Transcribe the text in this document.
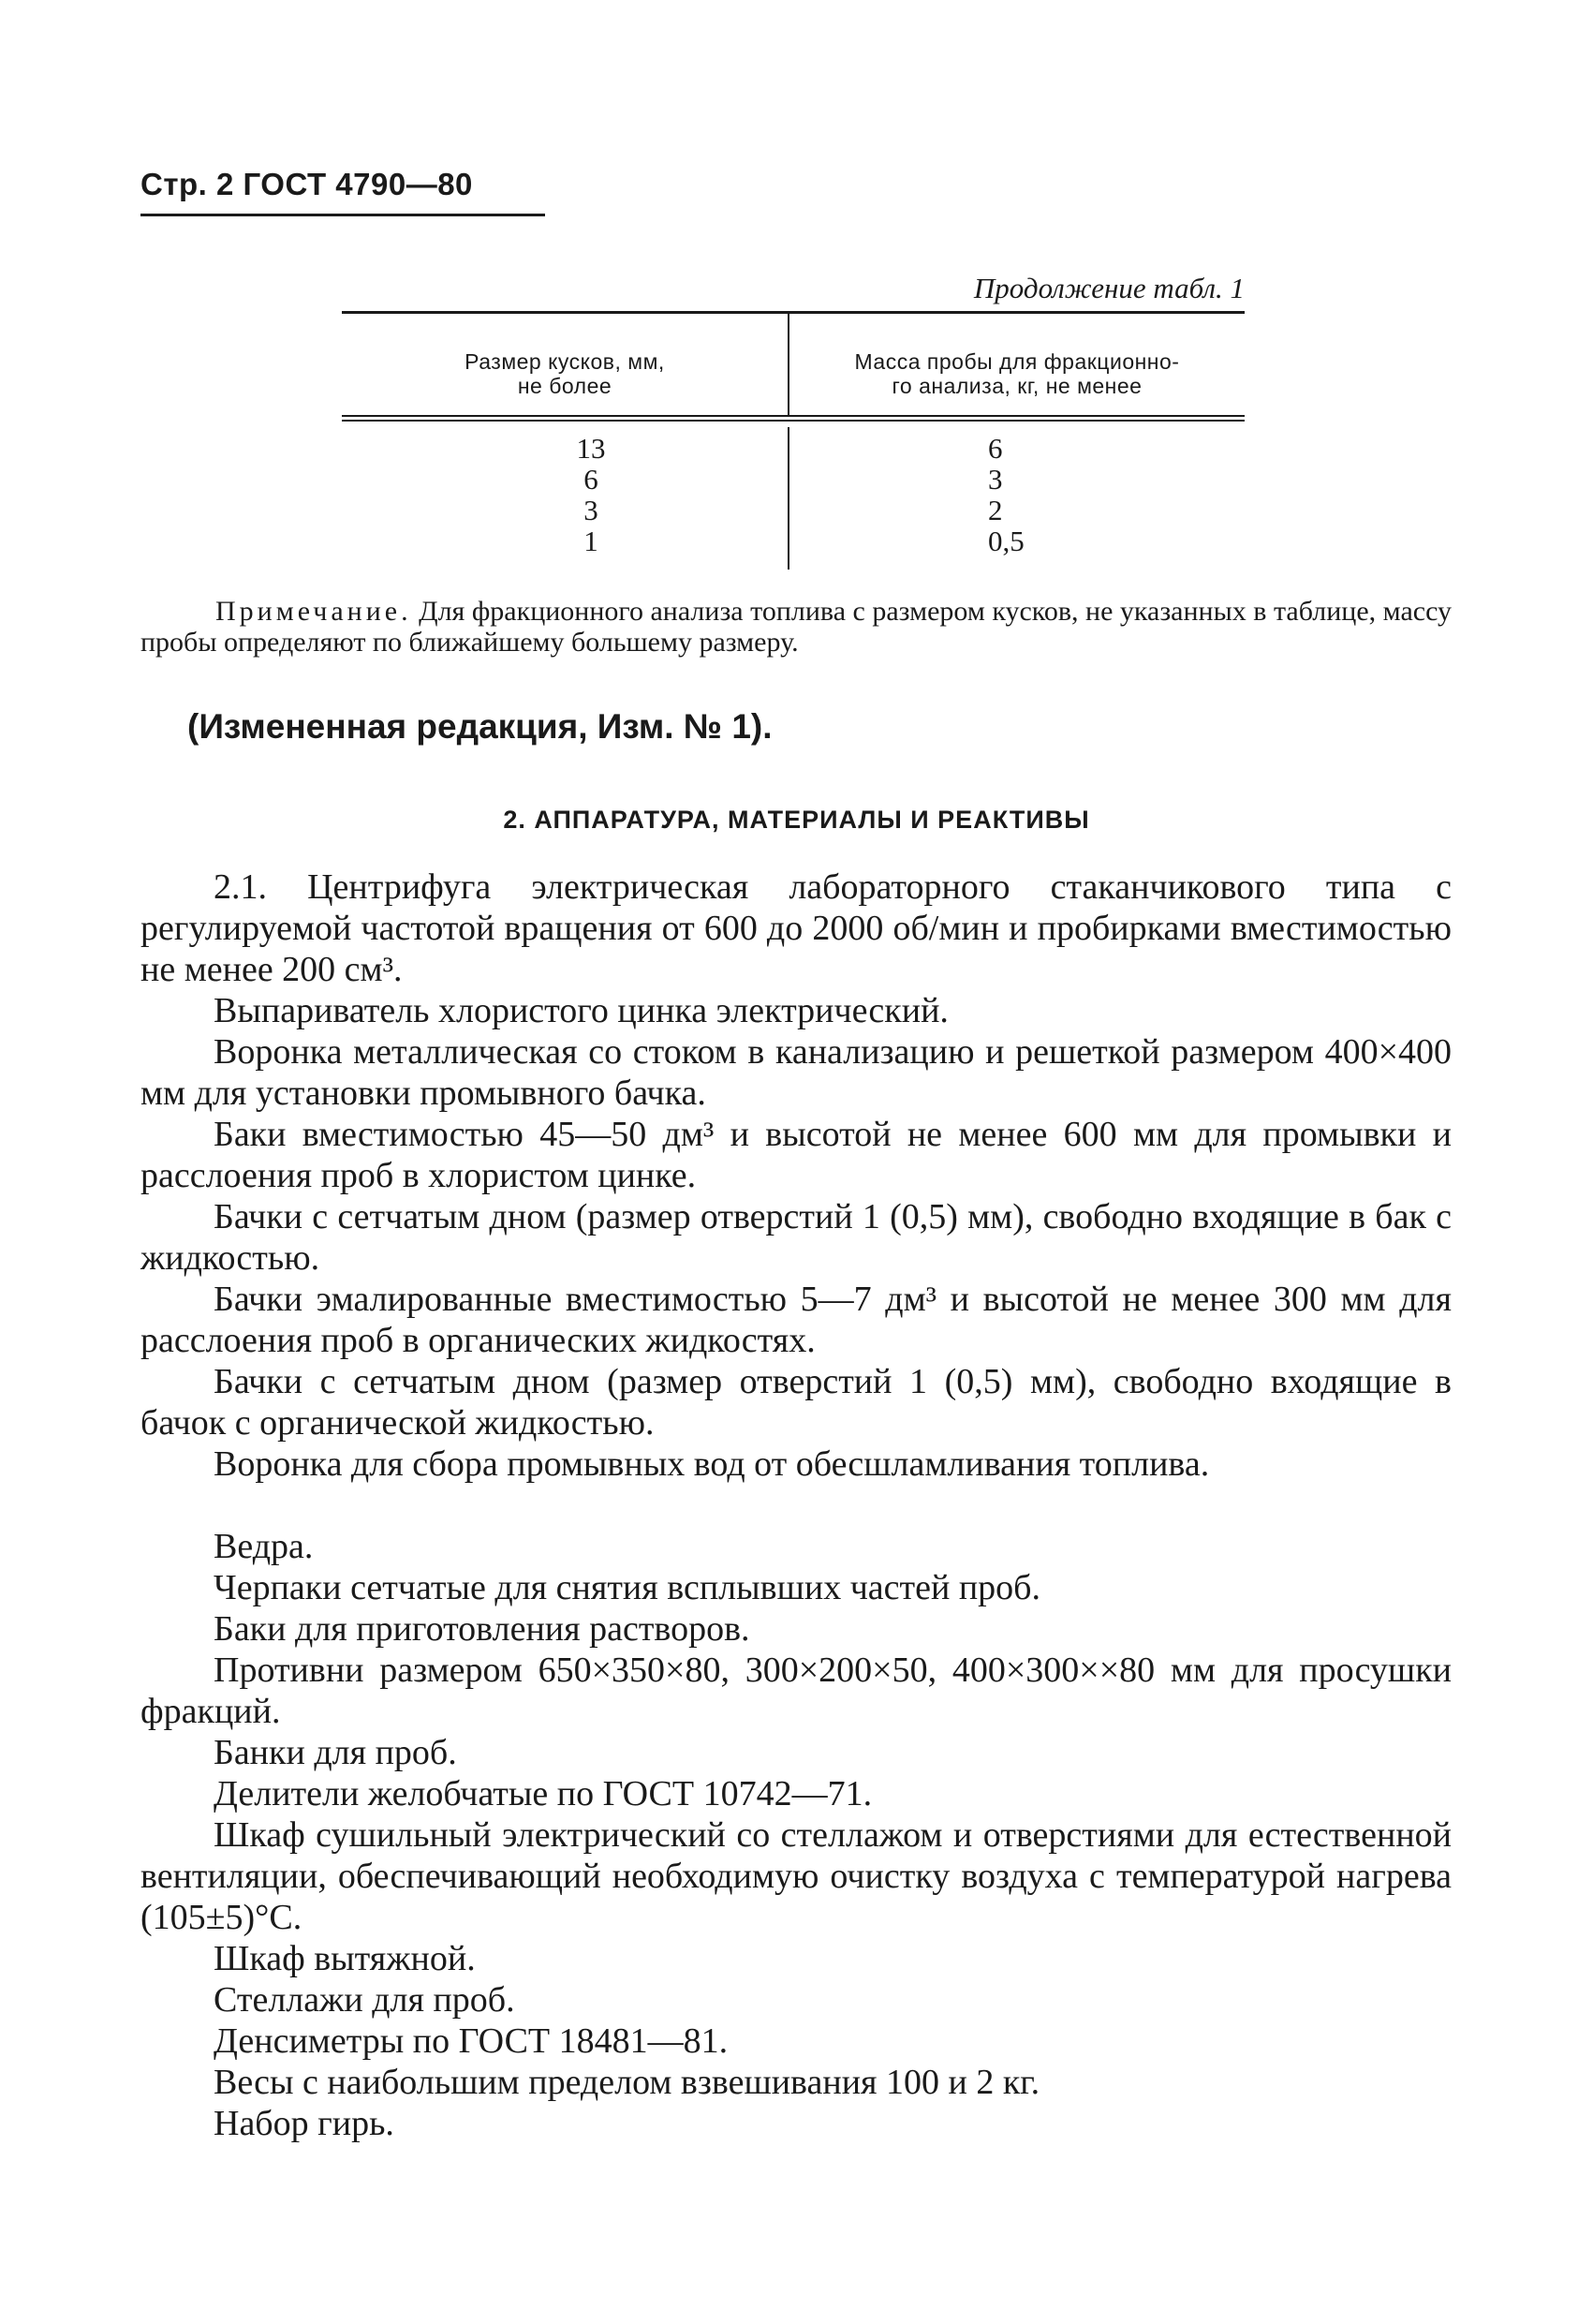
Стр. 2 ГОСТ 4790—80
Продолжение табл. 1
Размер кусков, мм,
не более
Масса пробы для фракционно-
го анализа, кг, не менее
13
6
3
1
6
3
2
0,5
Примечание. Для фракционного анализа топлива с размером кусков, не указанных в таблице, массу пробы определяют по ближайшему большему размеру.
(Измененная редакция, Изм. № 1).
2. АППАРАТУРА, МАТЕРИАЛЫ И РЕАКТИВЫ
2.1. Центрифуга электрическая лабораторного стаканчикового типа с регулируемой частотой вращения от 600 до 2000 об/мин и пробирками вместимостью не менее 200 см³.
Выпариватель хлористого цинка электрический.
Воронка металлическая со стоком в канализацию и решеткой размером 400×400 мм для установки промывного бачка.
Баки вместимостью 45—50 дм³ и высотой не менее 600 мм для промывки и расслоения проб в хлористом цинке.
Бачки с сетчатым дном (размер отверстий 1 (0,5) мм), свободно входящие в бак с жидкостью.
Бачки эмалированные вместимостью 5—7 дм³ и высотой не менее 300 мм для расслоения проб в органических жидкостях.
Бачки с сетчатым дном (размер отверстий 1 (0,5) мм), свободно входящие в бачок с органической жидкостью.
Воронка для сбора промывных вод от обесшламливания топлива.
Ведра.
Черпаки сетчатые для снятия всплывших частей проб.
Баки для приготовления растворов.
Противни размером 650×350×80, 300×200×50, 400×300××80 мм для просушки фракций.
Банки для проб.
Делители желобчатые по ГОСТ 10742—71.
Шкаф сушильный электрический со стеллажом и отверстиями для естественной вентиляции, обеспечивающий необходимую очистку воздуха с температурой нагрева (105±5)°С.
Шкаф вытяжной.
Стеллажи для проб.
Денсиметры по ГОСТ 18481—81.
Весы с наибольшим пределом взвешивания 100 и 2 кг.
Набор гирь.
